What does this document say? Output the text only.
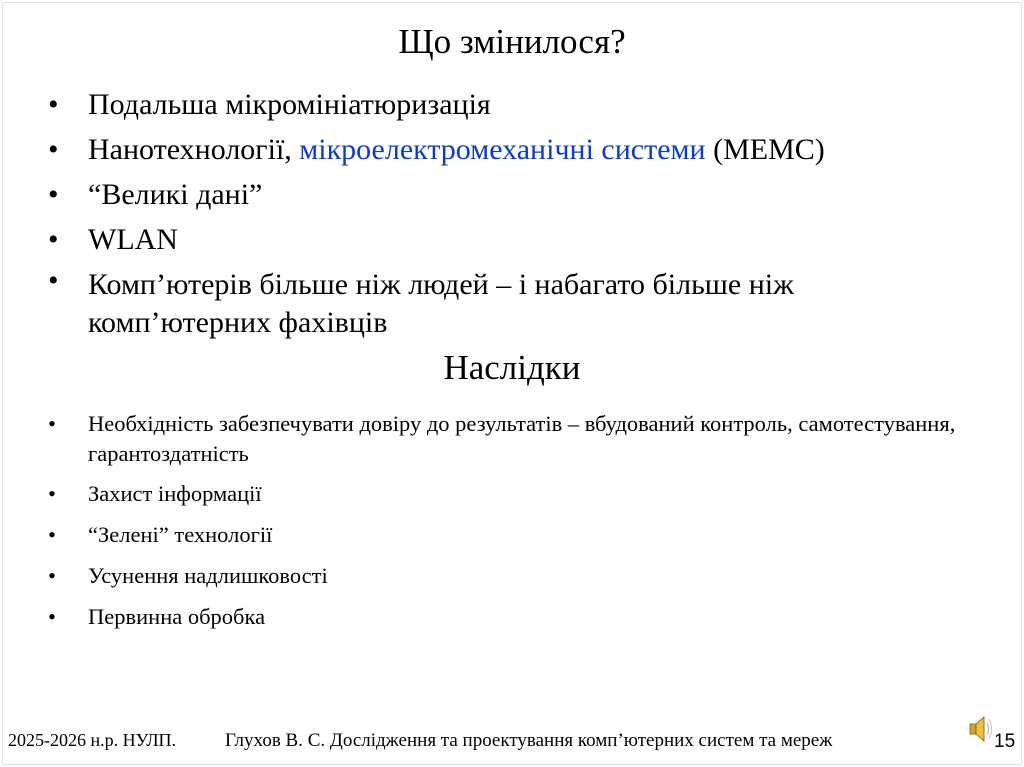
Що змінилося?
• Подальша мікромініатюризація
• Нанотехнології, мікроелектромеханічні системи (МЕМС)
• “Великі дані”
• WLAN
• Комп’ютерів більше ніж людей – і набагато більше ніж комп’ютерних фахівців
Наслідки
• Необхідність забезпечувати довіру до результатів – вбудований контроль, самотестування, гарантоздатність
• Захист інформації
• “Зелені” технології
• Усунення надлишковості
• Первинна обробка
2025-2026 н.р. НУЛП.	Глухов В. С. Дослідження та проектування комп’ютерних систем та мереж	15
